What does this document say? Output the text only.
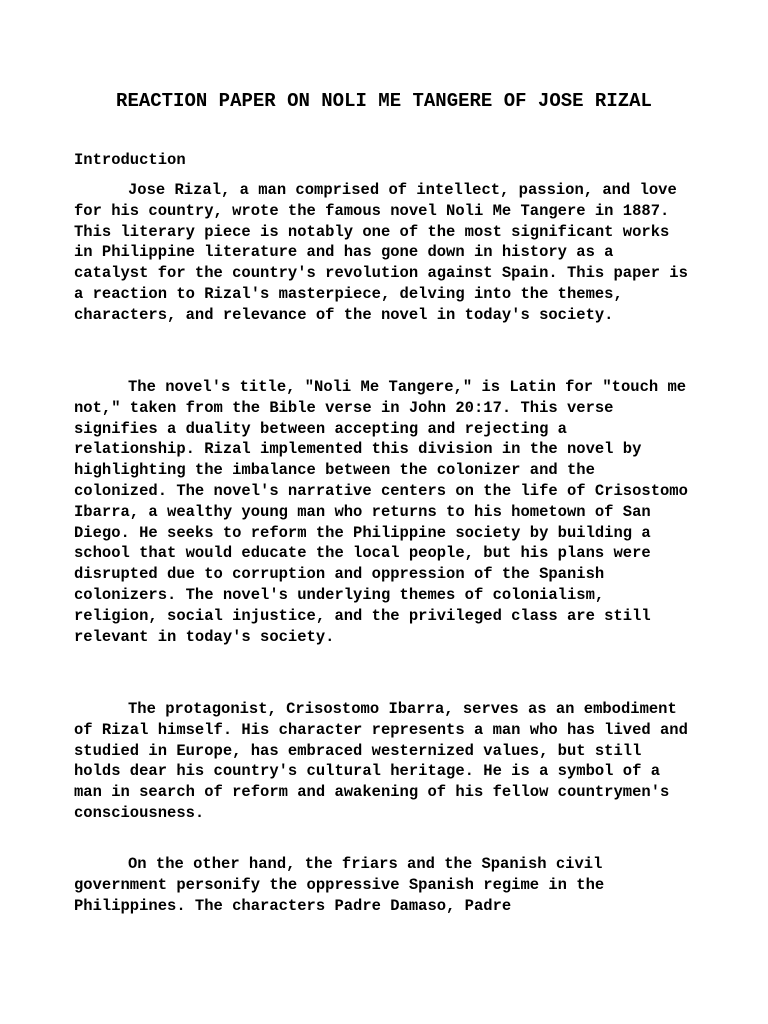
REACTION PAPER ON NOLI ME TANGERE OF JOSE RIZAL
Introduction

Jose Rizal, a man comprised of intellect, passion, and love for his country, wrote the famous novel Noli Me Tangere in 1887. This literary piece is notably one of the most significant works in Philippine literature and has gone down in history as a catalyst for the country's revolution against Spain. This paper is a reaction to Rizal's masterpiece, delving into the themes, characters, and relevance of the novel in today's society.

The novel's title, "Noli Me Tangere," is Latin for "touch me not," taken from the Bible verse in John 20:17. This verse signifies a duality between accepting and rejecting a relationship. Rizal implemented this division in the novel by highlighting the imbalance between the colonizer and the colonized. The novel's narrative centers on the life of Crisostomo Ibarra, a wealthy young man who returns to his hometown of San Diego. He seeks to reform the Philippine society by building a school that would educate the local people, but his plans were disrupted due to corruption and oppression of the Spanish colonizers. The novel's underlying themes of colonialism, religion, social injustice, and the privileged class are still relevant in today's society.

The protagonist, Crisostomo Ibarra, serves as an embodiment of Rizal himself. His character represents a man who has lived and studied in Europe, has embraced westernized values, but still holds dear his country's cultural heritage. He is a symbol of a man in search of reform and awakening of his fellow countrymen's consciousness.

On the other hand, the friars and the Spanish civil government personify the oppressive Spanish regime in the Philippines. The characters Padre Damaso, Padre
